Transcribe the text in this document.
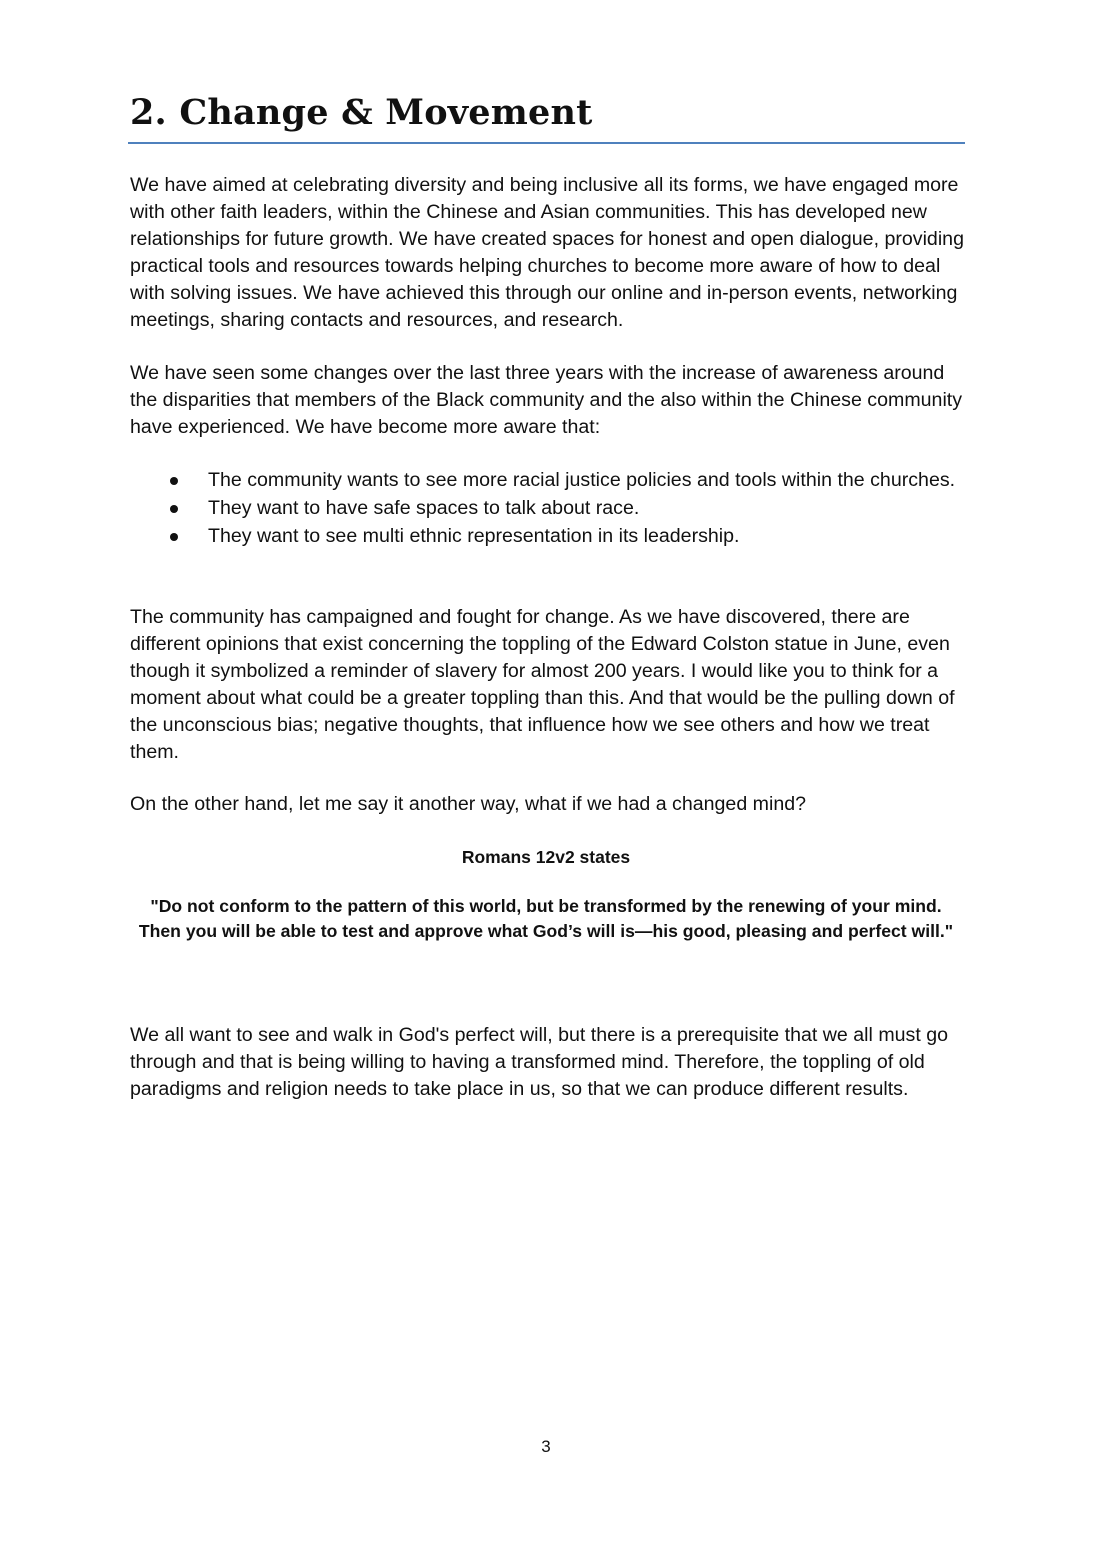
2. Change & Movement

We have aimed at celebrating diversity and being inclusive all its forms, we have engaged more with other faith leaders, within the Chinese and Asian communities. This has developed new relationships for future growth. We have created spaces for honest and open dialogue, providing practical tools and resources towards helping churches to become more aware of how to deal with solving issues. We have achieved this through our online and in-person events, networking meetings, sharing contacts and resources, and research.

We have seen some changes over the last three years with the increase of awareness around the disparities that members of the Black community and the also within the Chinese community have experienced. We have become more aware that:

The community wants to see more racial justice policies and tools within the churches.
They want to have safe spaces to talk about race.
They want to see multi ethnic representation in its leadership.

The community has campaigned and fought for change. As we have discovered, there are different opinions that exist concerning the toppling of the Edward Colston statue in June, even though it symbolized a reminder of slavery for almost 200 years. I would like you to think for a moment about what could be a greater toppling than this. And that would be the pulling down of the unconscious bias; negative thoughts, that influence how we see others and how we treat them.

On the other hand, let me say it another way, what if we had a changed mind?

Romans 12v2 states

"Do not conform to the pattern of this world, but be transformed by the renewing of your mind.
Then you will be able to test and approve what God’s will is—his good, pleasing and perfect will."

We all want to see and walk in God's perfect will, but there is a prerequisite that we all must go through and that is being willing to having a transformed mind. Therefore, the toppling of old paradigms and religion needs to take place in us, so that we can produce different results.

3
